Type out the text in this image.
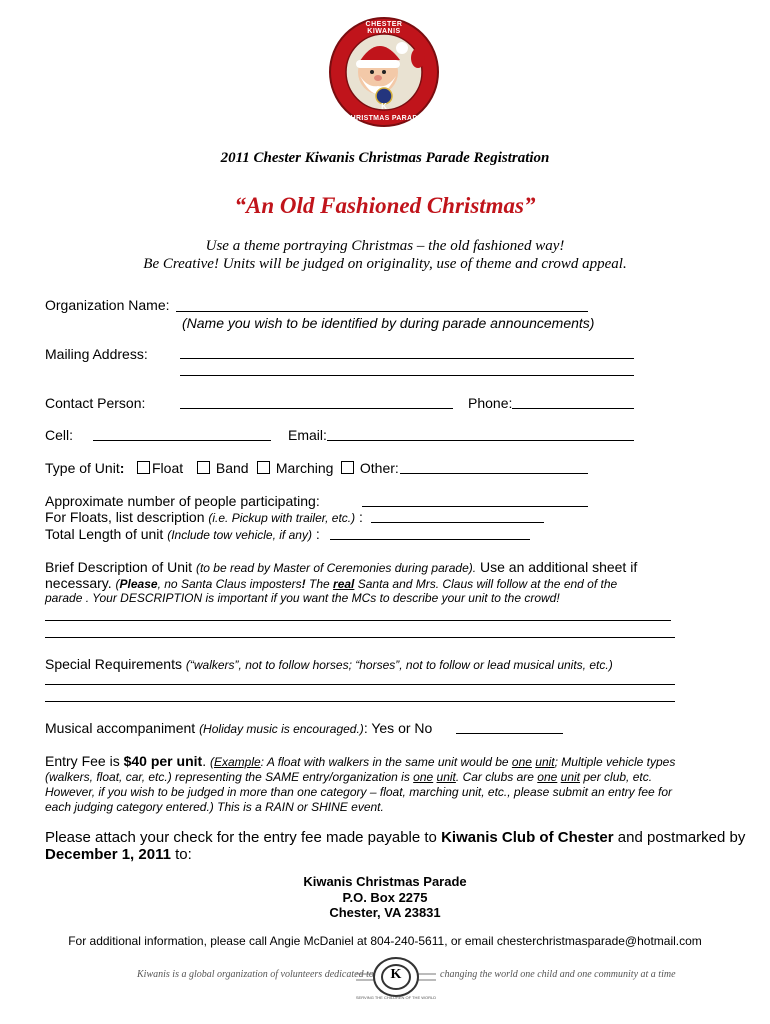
CHESTER KIWANIS
K
CHRISTMAS PARADE
2011 Chester Kiwanis Christmas Parade Registration
“An Old Fashioned Christmas”
Use a theme portraying Christmas – the old fashioned way!
Be Creative! Units will be judged on originality, use of theme and crowd appeal.
Organization Name:
(Name you wish to be identified by during parade announcements)
Mailing Address:
Contact Person:	Phone:
Cell:	Email:
Type of Unit:	Float	Band	Marching	Other:
Approximate number of people participating:
For Floats, list description (i.e. Pickup with trailer, etc.) :
Total Length of unit (Include tow vehicle, if any) :
Brief Description of Unit (to be read by Master of Ceremonies during parade). Use an additional sheet if
necessary. (Please, no Santa Claus imposters! The real Santa and Mrs. Claus will follow at the end of the
parade . Your DESCRIPTION is important if you want the MCs to describe your unit to the crowd!
Special Requirements (“walkers”, not to follow horses; “horses”, not to follow or lead musical units, etc.)
Musical accompaniment (Holiday music is encouraged.): Yes or No
Entry Fee is $40 per unit. (Example: A float with walkers in the same unit would be one unit; Multiple vehicle types
(walkers, float, car, etc.) representing the SAME entry/organization is one unit. Car clubs are one unit per club, etc.
However, if you wish to be judged in more than one category – float, marching unit, etc., please submit an entry fee for
each judging category entered.) This is a RAIN or SHINE event.
Please attach your check for the entry fee made payable to Kiwanis Club of Chester and postmarked by
December 1, 2011 to:
Kiwanis Christmas Parade
P.O. Box 2275
Chester, VA 23831
For additional information, please call Angie McDaniel at 804-240-5611, or email chesterchristmasparade@hotmail.com
Kiwanis is a global organization of volunteers dedicated to K
SERVING THE CHILDREN OF THE WORLD
changing the world one child and one community at a time
